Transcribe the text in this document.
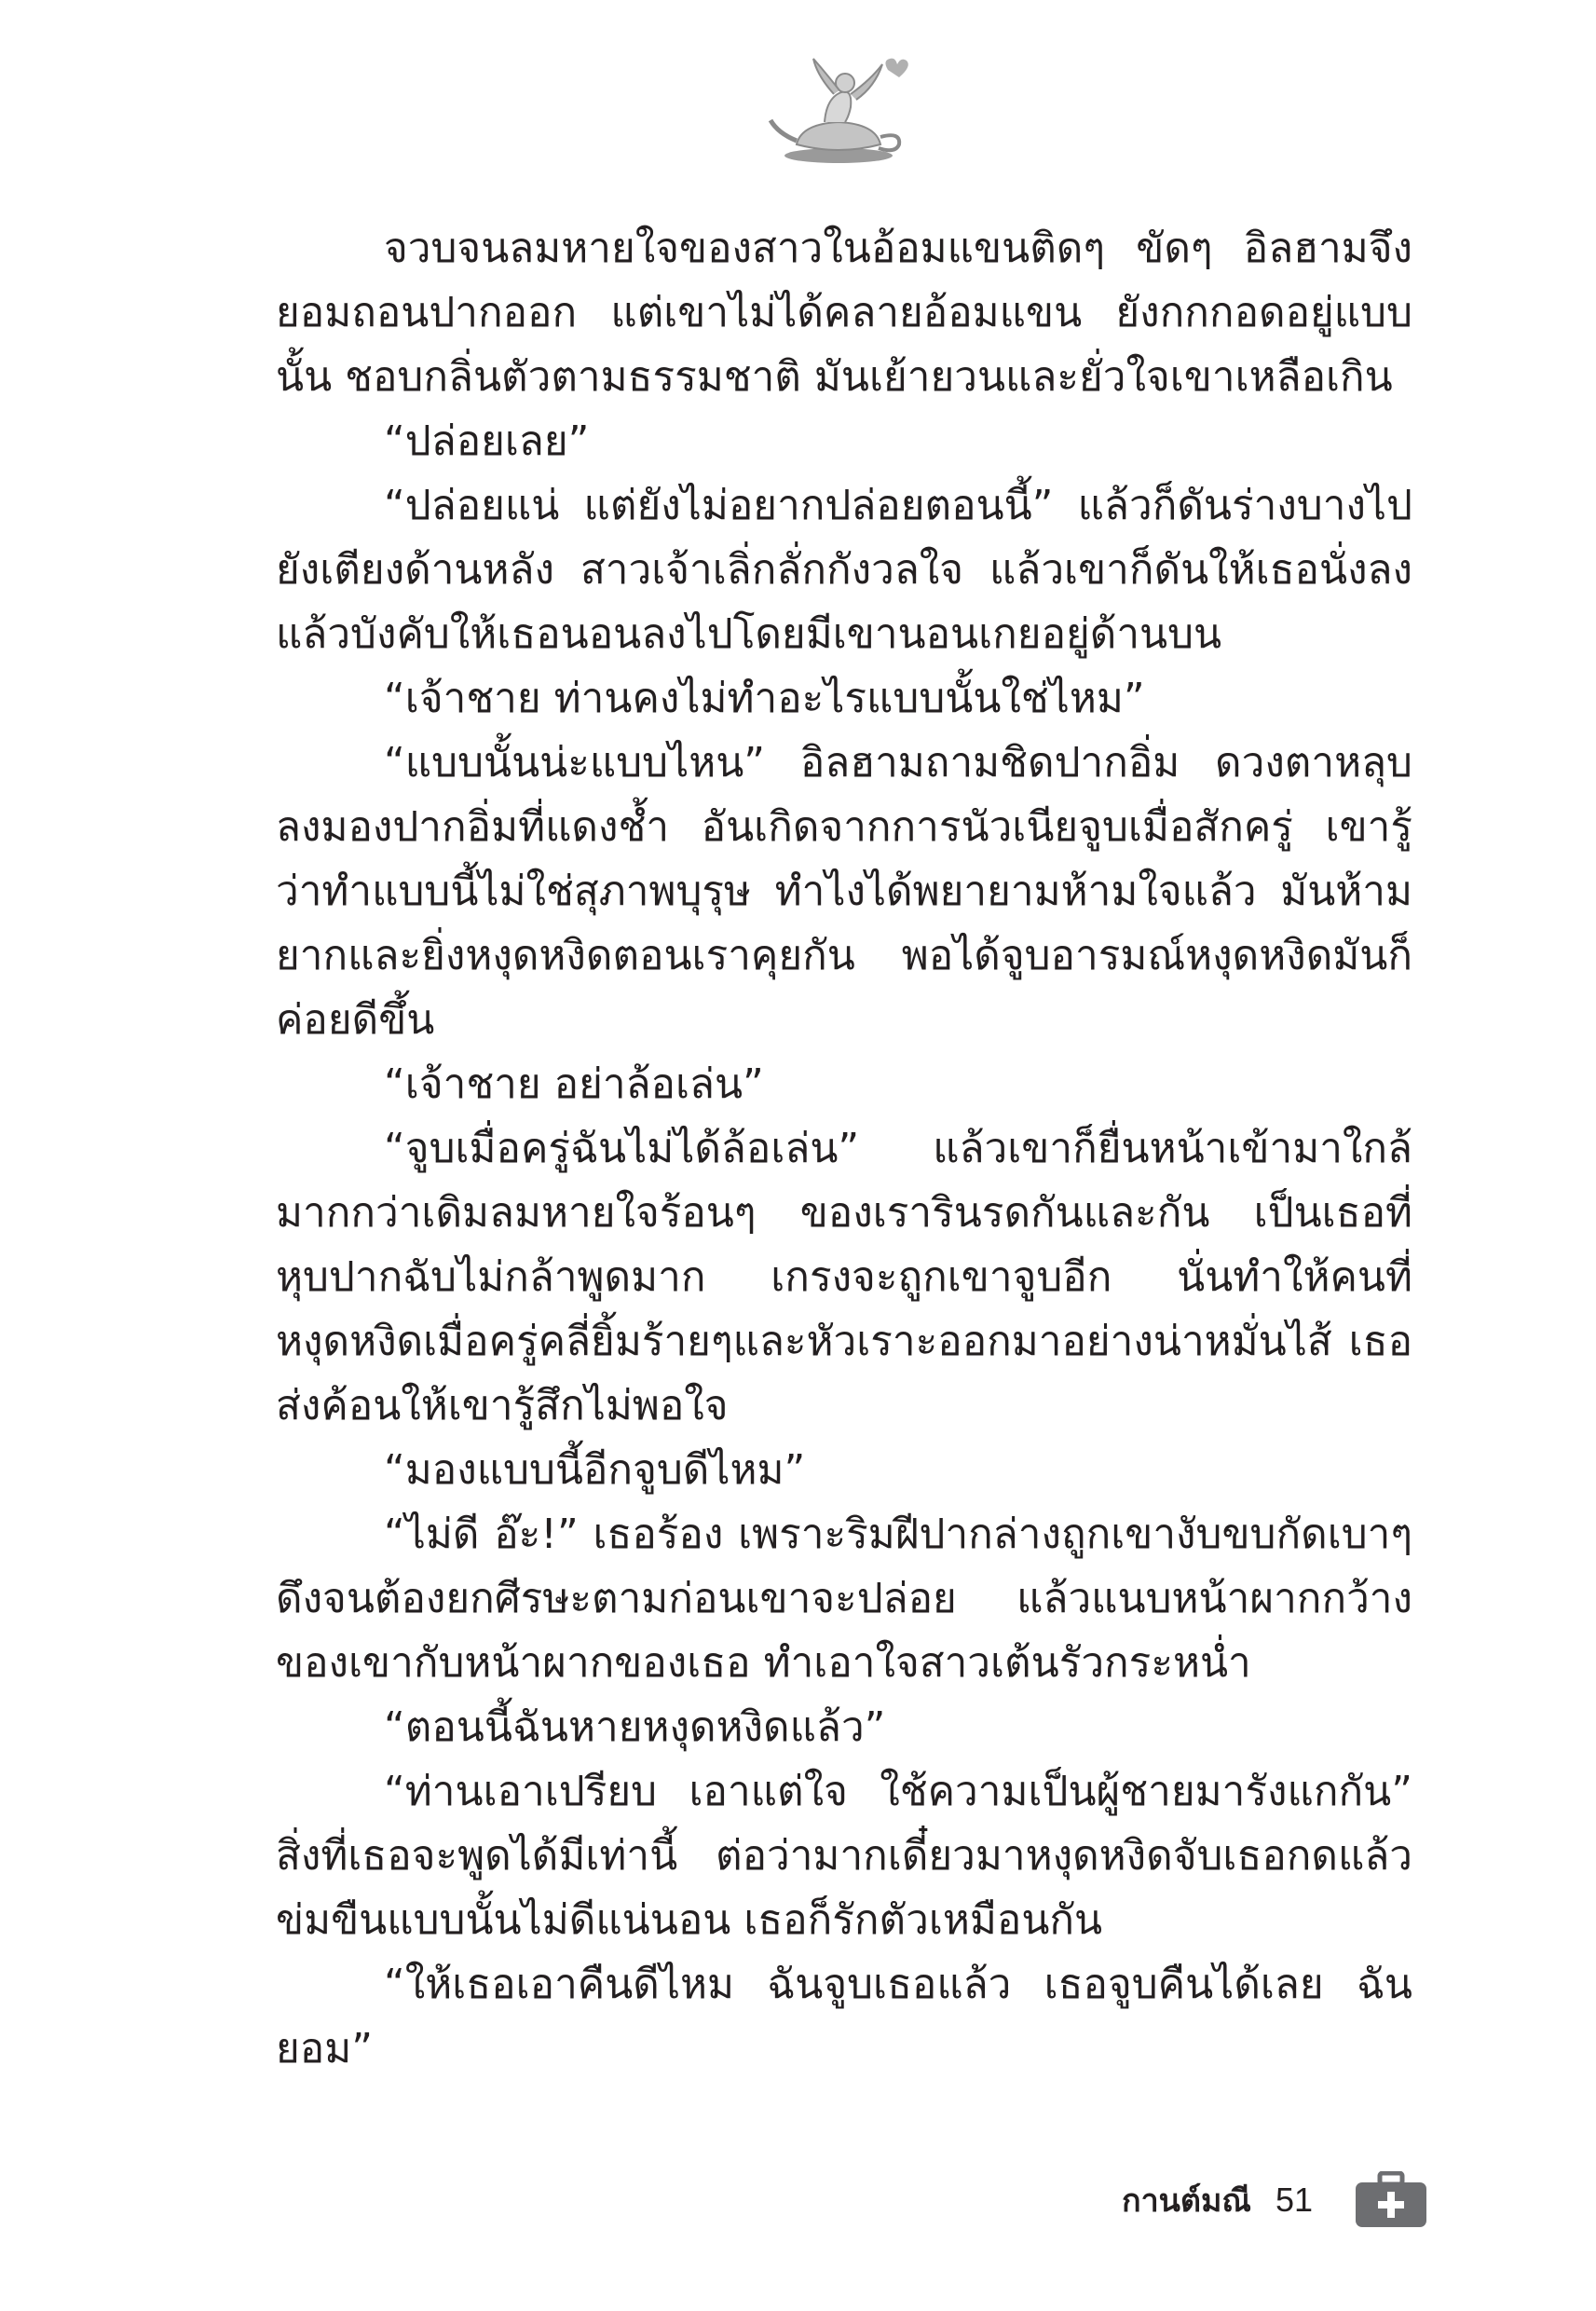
จวบจนลมหายใจของสาวในอ้อมแขนติดๆ ขัดๆ อิลฮามจึงยอมถอนปากออก แต่เขาไม่ได้คลายอ้อมแขน ยังกกกอดอยู่แบบนั้น ชอบกลิ่นตัวตามธรรมชาติ มันเย้ายวนและยั่วใจเขาเหลือเกิน

“ปล่อยเลย”

“ปล่อยแน่ แต่ยังไม่อยากปล่อยตอนนี้” แล้วก็ดันร่างบางไปยังเตียงด้านหลัง สาวเจ้าเลิ่กลั่กกังวลใจ แล้วเขาก็ดันให้เธอนั่งลงแล้วบังคับให้เธอนอนลงไปโดยมีเขานอนเกยอยู่ด้านบน

“เจ้าชาย ท่านคงไม่ทำอะไรแบบนั้นใช่ไหม”

“แบบนั้นน่ะแบบไหน” อิลฮามถามชิดปากอิ่ม ดวงตาหลุบลงมองปากอิ่มที่แดงช้ำ อันเกิดจากการนัวเนียจูบเมื่อสักครู่ เขารู้ว่าทำแบบนี้ไม่ใช่สุภาพบุรุษ ทำไงได้พยายามห้ามใจแล้ว มันห้ามยากและยิ่งหงุดหงิดตอนเราคุยกัน พอได้จูบอารมณ์หงุดหงิดมันก็ค่อยดีขึ้น

“เจ้าชาย อย่าล้อเล่น”

“จูบเมื่อครู่ฉันไม่ได้ล้อเล่น” แล้วเขาก็ยื่นหน้าเข้ามาใกล้มากกว่าเดิมลมหายใจร้อนๆ ของเรารินรดกันและกัน เป็นเธอที่หุบปากฉับไม่กล้าพูดมาก เกรงจะถูกเขาจูบอีก นั่นทำให้คนที่หงุดหงิดเมื่อครู่คลี่ยิ้มร้ายๆและหัวเราะออกมาอย่างน่าหมั่นไส้ เธอส่งค้อนให้เขารู้สึกไม่พอใจ

“มองแบบนี้อีกจูบดีไหม”

“ไม่ดี อ๊ะ!” เธอร้อง เพราะริมฝีปากล่างถูกเขางับขบกัดเบาๆดึงจนต้องยกศีรษะตามก่อนเขาจะปล่อย แล้วแนบหน้าผากกว้างของเขากับหน้าผากของเธอ ทำเอาใจสาวเต้นรัวกระหน่ำ

“ตอนนี้ฉันหายหงุดหงิดแล้ว”

“ท่านเอาเปรียบ เอาแต่ใจ ใช้ความเป็นผู้ชายมารังแกกัน” สิ่งที่เธอจะพูดได้มีเท่านี้ ต่อว่ามากเดี๋ยวมาหงุดหงิดจับเธอกดแล้วข่มขืนแบบนั้นไม่ดีแน่นอน เธอก็รักตัวเหมือนกัน

“ให้เธอเอาคืนดีไหม ฉันจูบเธอแล้ว เธอจูบคืนได้เลย ฉันยอม”

กานต์มณี 51
